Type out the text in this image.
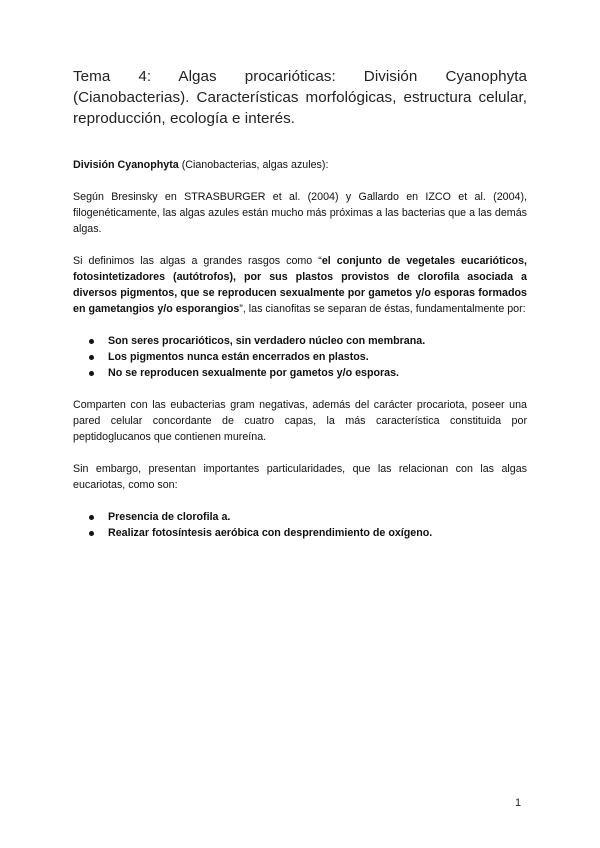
Tema 4: Algas procarióticas: División Cyanophyta (Cianobacterias). Características morfológicas, estructura celular, reproducción, ecología e interés.

División Cyanophyta (Cianobacterias, algas azules):

Según Bresinsky en STRASBURGER et al. (2004) y Gallardo en IZCO et al. (2004), filogenéticamente, las algas azules están mucho más próximas a las bacterias que a las demás algas.

Si definimos las algas a grandes rasgos como “el conjunto de vegetales eucarióticos, fotosintetizadores (autótrofos), por sus plastos provistos de clorofila asociada a diversos pigmentos, que se reproducen sexualmente por gametos y/o esporas formados en gametangios y/o esporangios”, las cianofitas se separan de éstas, fundamentalmente por:

Son seres procarióticos, sin verdadero núcleo con membrana.
Los pigmentos nunca están encerrados en plastos.
No se reproducen sexualmente por gametos y/o esporas.

Comparten con las eubacterias gram negativas, además del carácter procariota, poseer una pared celular concordante de cuatro capas, la más característica constituida por peptidoglucanos que contienen mureína.

Sin embargo, presentan importantes particularidades, que las relacionan con las algas eucariotas, como son:

Presencia de clorofila a.
Realizar fotosíntesis aeróbica con desprendimiento de oxígeno.
1
